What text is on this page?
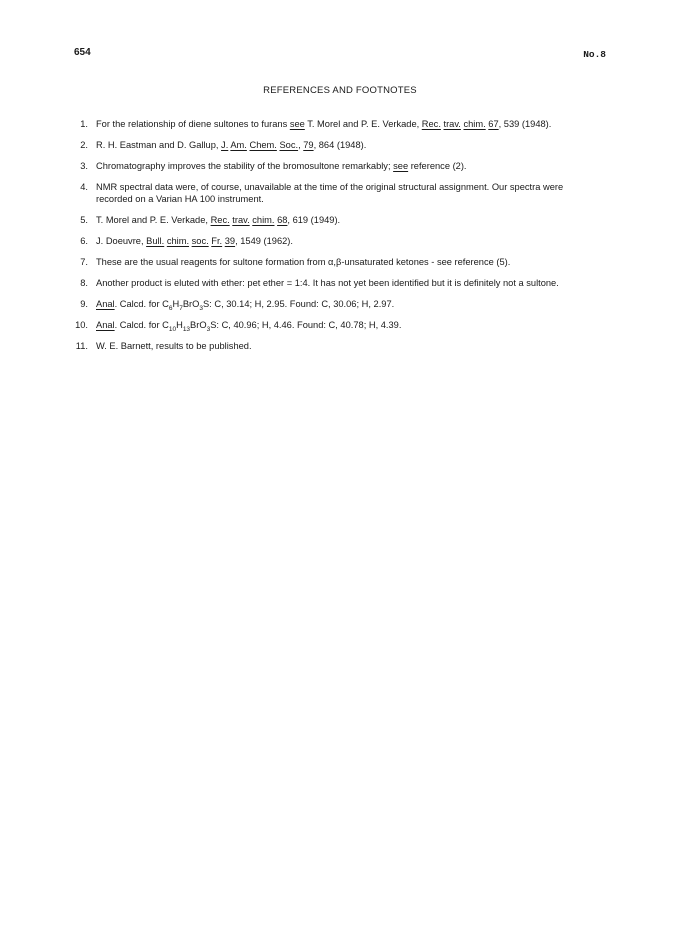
654	No.8
REFERENCES AND FOOTNOTES
1. For the relationship of diene sultones to furans see T. Morel and P. E. Verkade, Rec. trav. chim. 67, 539 (1948).
2. R. H. Eastman and D. Gallup, J. Am. Chem. Soc., 79, 864 (1948).
3. Chromatography improves the stability of the bromosultone remarkably; see reference (2).
4. NMR spectral data were, of course, unavailable at the time of the original structural assignment. Our spectra were recorded on a Varian HA 100 instrument.
5. T. Morel and P. E. Verkade, Rec. trav. chim. 68, 619 (1949).
6. J. Doeuvre, Bull. chim. soc. Fr. 39, 1549 (1962).
7. These are the usual reagents for sultone formation from α,β-unsaturated ketones - see reference (5).
8. Another product is eluted with ether: pet ether = 1:4. It has not yet been identified but it is definitely not a sultone.
9. Anal. Calcd. for $C_6H_7BrO_3S$: C, 30.14; H, 2.95. Found: C, 30.06; H, 2.97.
10. Anal. Calcd. for $C_{10}H_{13}BrO_3S$: C, 40.96; H, 4.46. Found: C, 40.78; H, 4.39.
11. W. E. Barnett, results to be published.
